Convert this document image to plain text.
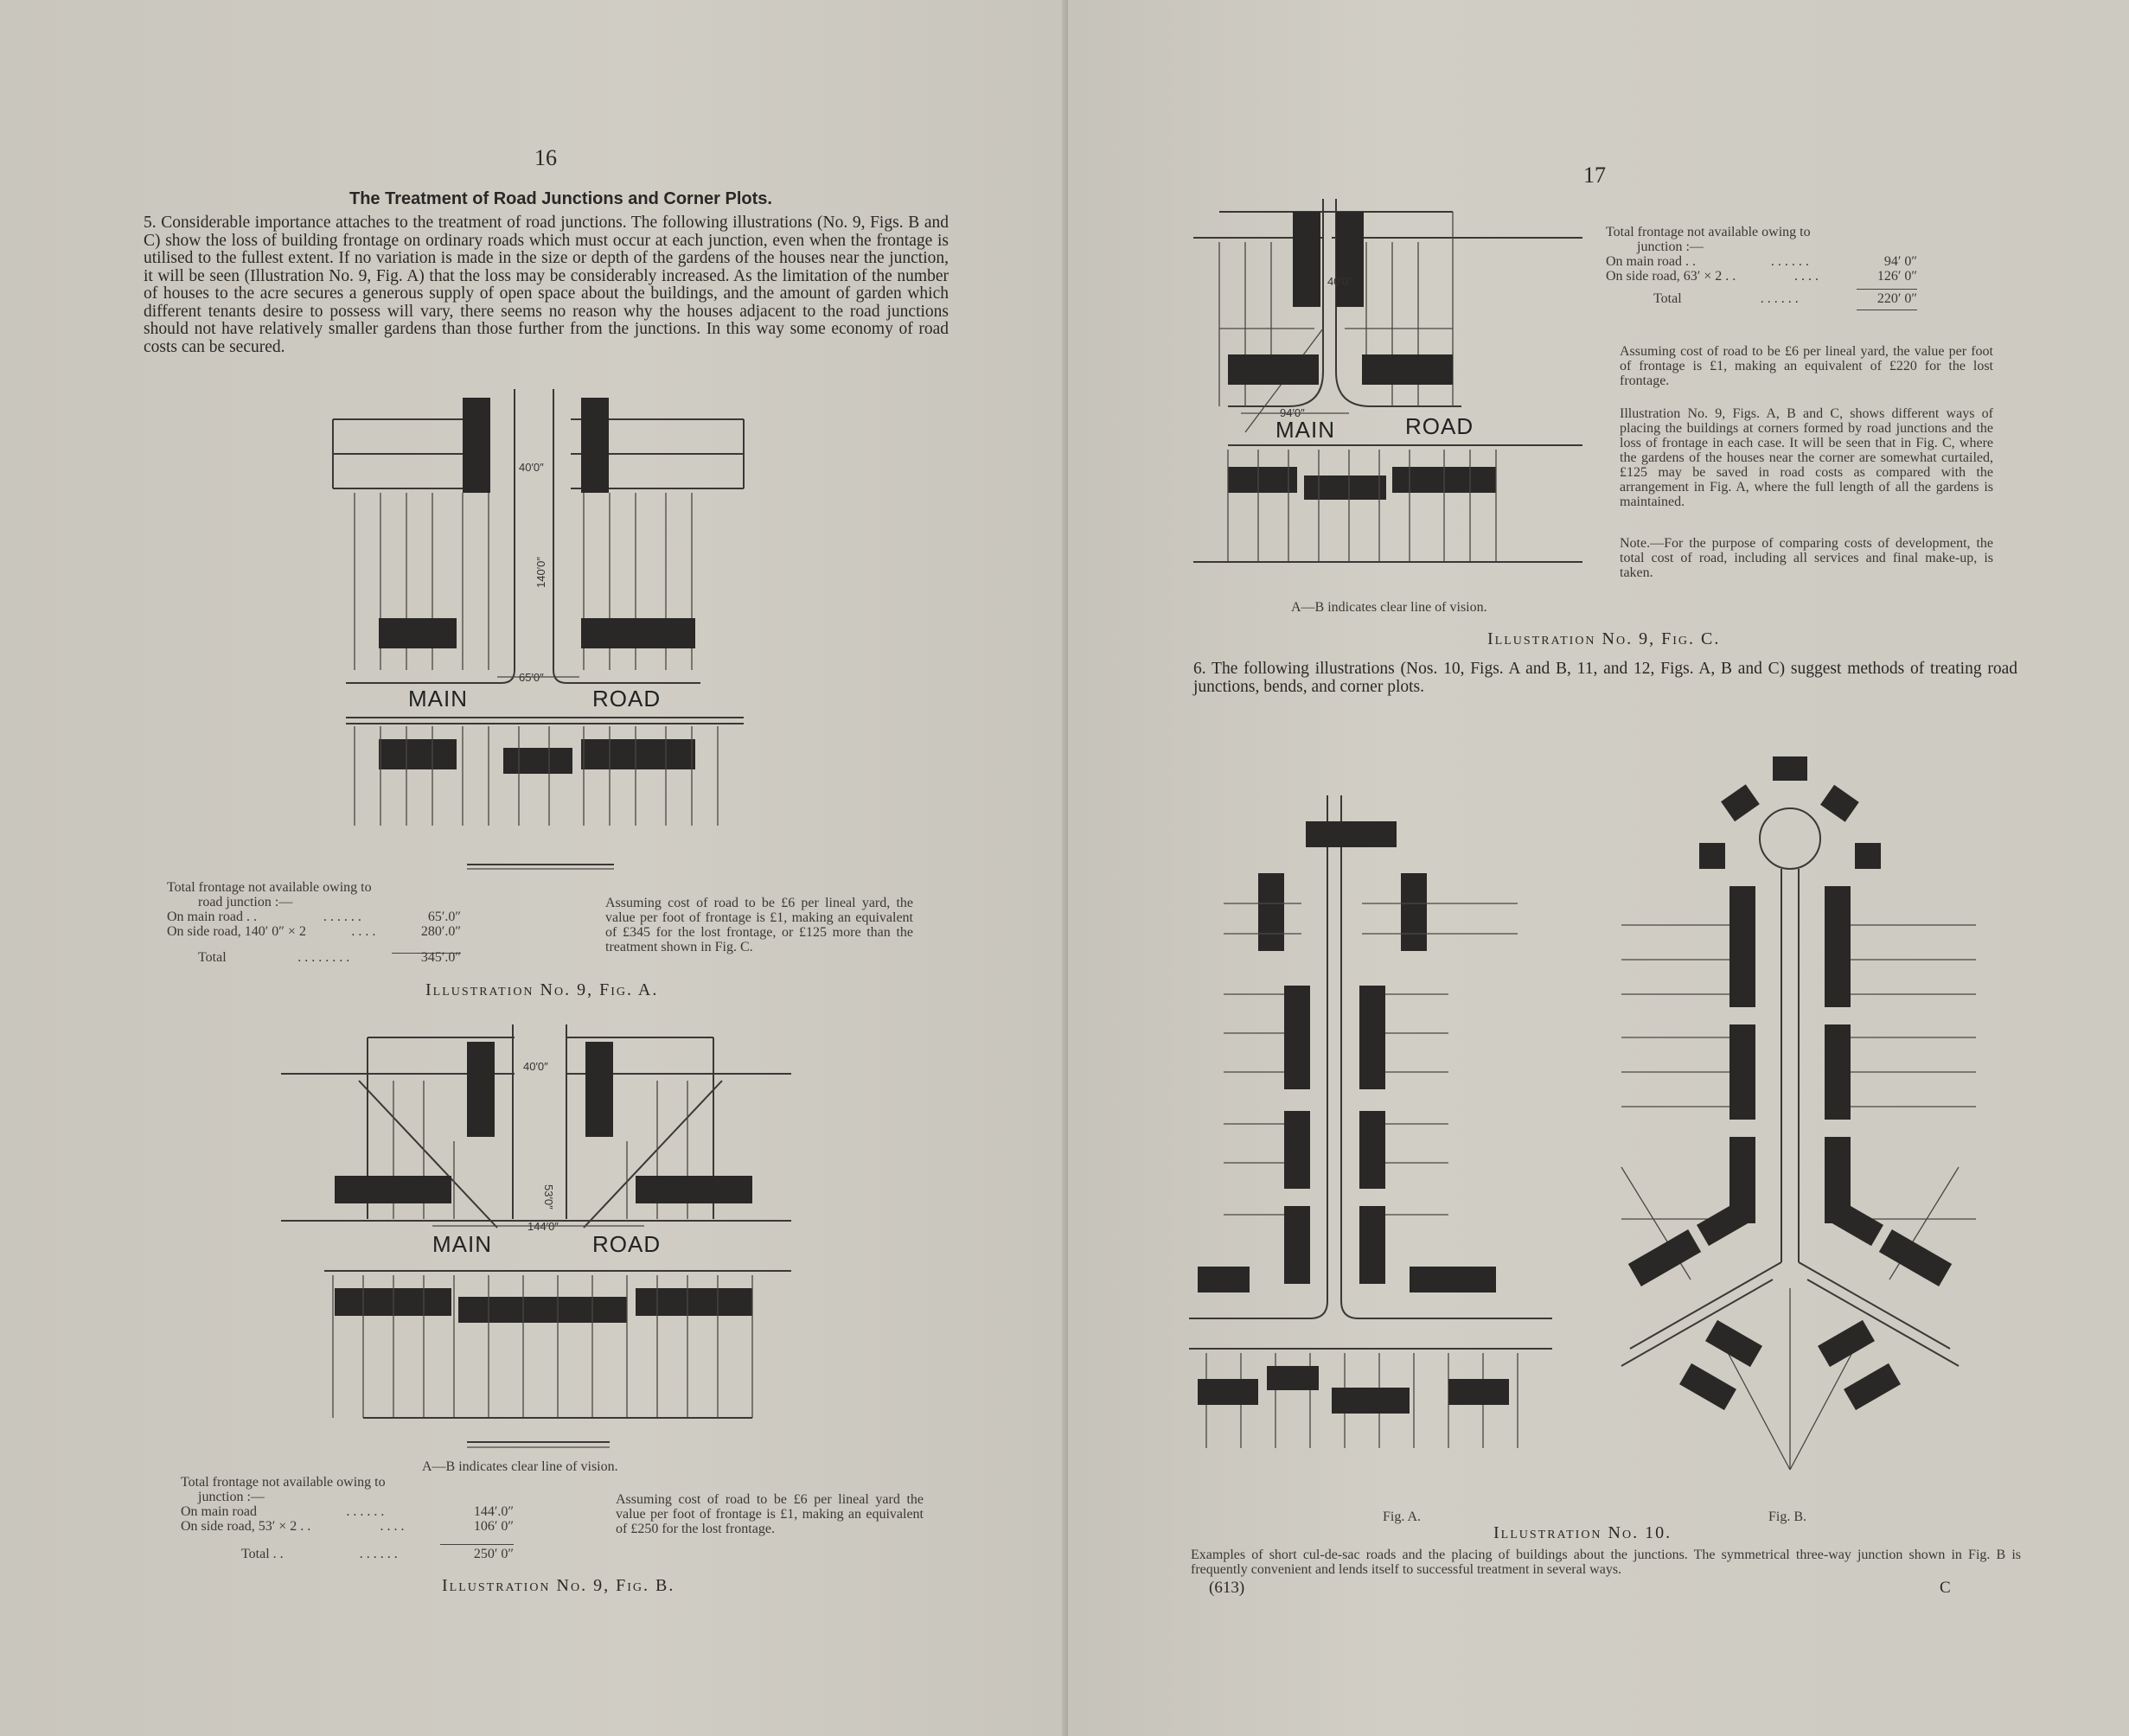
16
The Treatment of Road Junctions and Corner Plots.
5. Considerable importance attaches to the treatment of road junctions. The following illustrations (No. 9, Figs. B and C) show the loss of building frontage on ordinary roads which must occur at each junction, even when the frontage is utilised to the fullest extent. If no variation is made in the size or depth of the gardens of the houses near the junction, it will be seen (Illustration No. 9, Fig. A) that the loss may be considerably increased. As the limitation of the number of houses to the acre secures a generous supply of open space about the buildings, and the amount of garden which different tenants desire to possess will vary, there seems no reason why the houses adjacent to the road junctions should not have relatively smaller gardens than those further from the junctions. In this way some economy of road costs can be secured.
140′0″
40′0″
65′0″
MAIN	ROAD
Total frontage not available owing to
road junction :—
On main road . .	. . . . . .	65′.0″
On side road, 140′ 0″ × 2	. . . .	280′.0″
Total	. . . . . . . .	345′.0″
Assuming cost of road to be £6 per lineal yard, the value per foot of frontage is £1, making an equivalent of £345 for the lost frontage, or £125 more than the treatment shown in Fig. C.
Illustration No. 9, Fig. A.
40′0″
53′0″
144′0″
MAIN	ROAD
A—B indicates clear line of vision.
Total frontage not available owing to
junction :—
On main road	. . . . . .	144′.0″
On side road, 53′ × 2 . .	. . . .	106′ 0″
Total . .	. . . . . .	250′ 0″
Assuming cost of road to be £6 per lineal yard the value per foot of frontage is £1, making an equivalent of £250 for the lost frontage.
Illustration No. 9, Fig. B.
17
40′0″
94′0″
MAIN	ROAD
A—B indicates clear line of vision.
Total frontage not available owing to
junction :—
On main road . .	. . . . . .	94′ 0″
On side road, 63′ × 2 . .	. . . .	126′ 0″
Total	. . . . . .	220′ 0″
Assuming cost of road to be £6 per lineal yard, the value per foot of frontage is £1, making an equivalent of £220 for the lost frontage.
Illustration No. 9, Figs. A, B and C, shows different ways of placing the buildings at corners formed by road junctions and the loss of frontage in each case. It will be seen that in Fig. C, where the gardens of the houses near the corner are somewhat curtailed, £125 may be saved in road costs as compared with the arrangement in Fig. A, where the full length of all the gardens is maintained.
Note.—For the purpose of comparing costs of development, the total cost of road, including all services and final make-up, is taken.
Illustration No. 9, Fig. C.
6. The following illustrations (Nos. 10, Figs. A and B, 11, and 12, Figs. A, B and C) suggest methods of treating road junctions, bends, and corner plots.
Fig. A.	Fig. B.
Illustration No. 10.
Examples of short cul-de-sac roads and the placing of buildings about the junctions. The symmetrical three-way junction shown in Fig. B is frequently convenient and lends itself to successful treatment in several ways.
(613)	C
